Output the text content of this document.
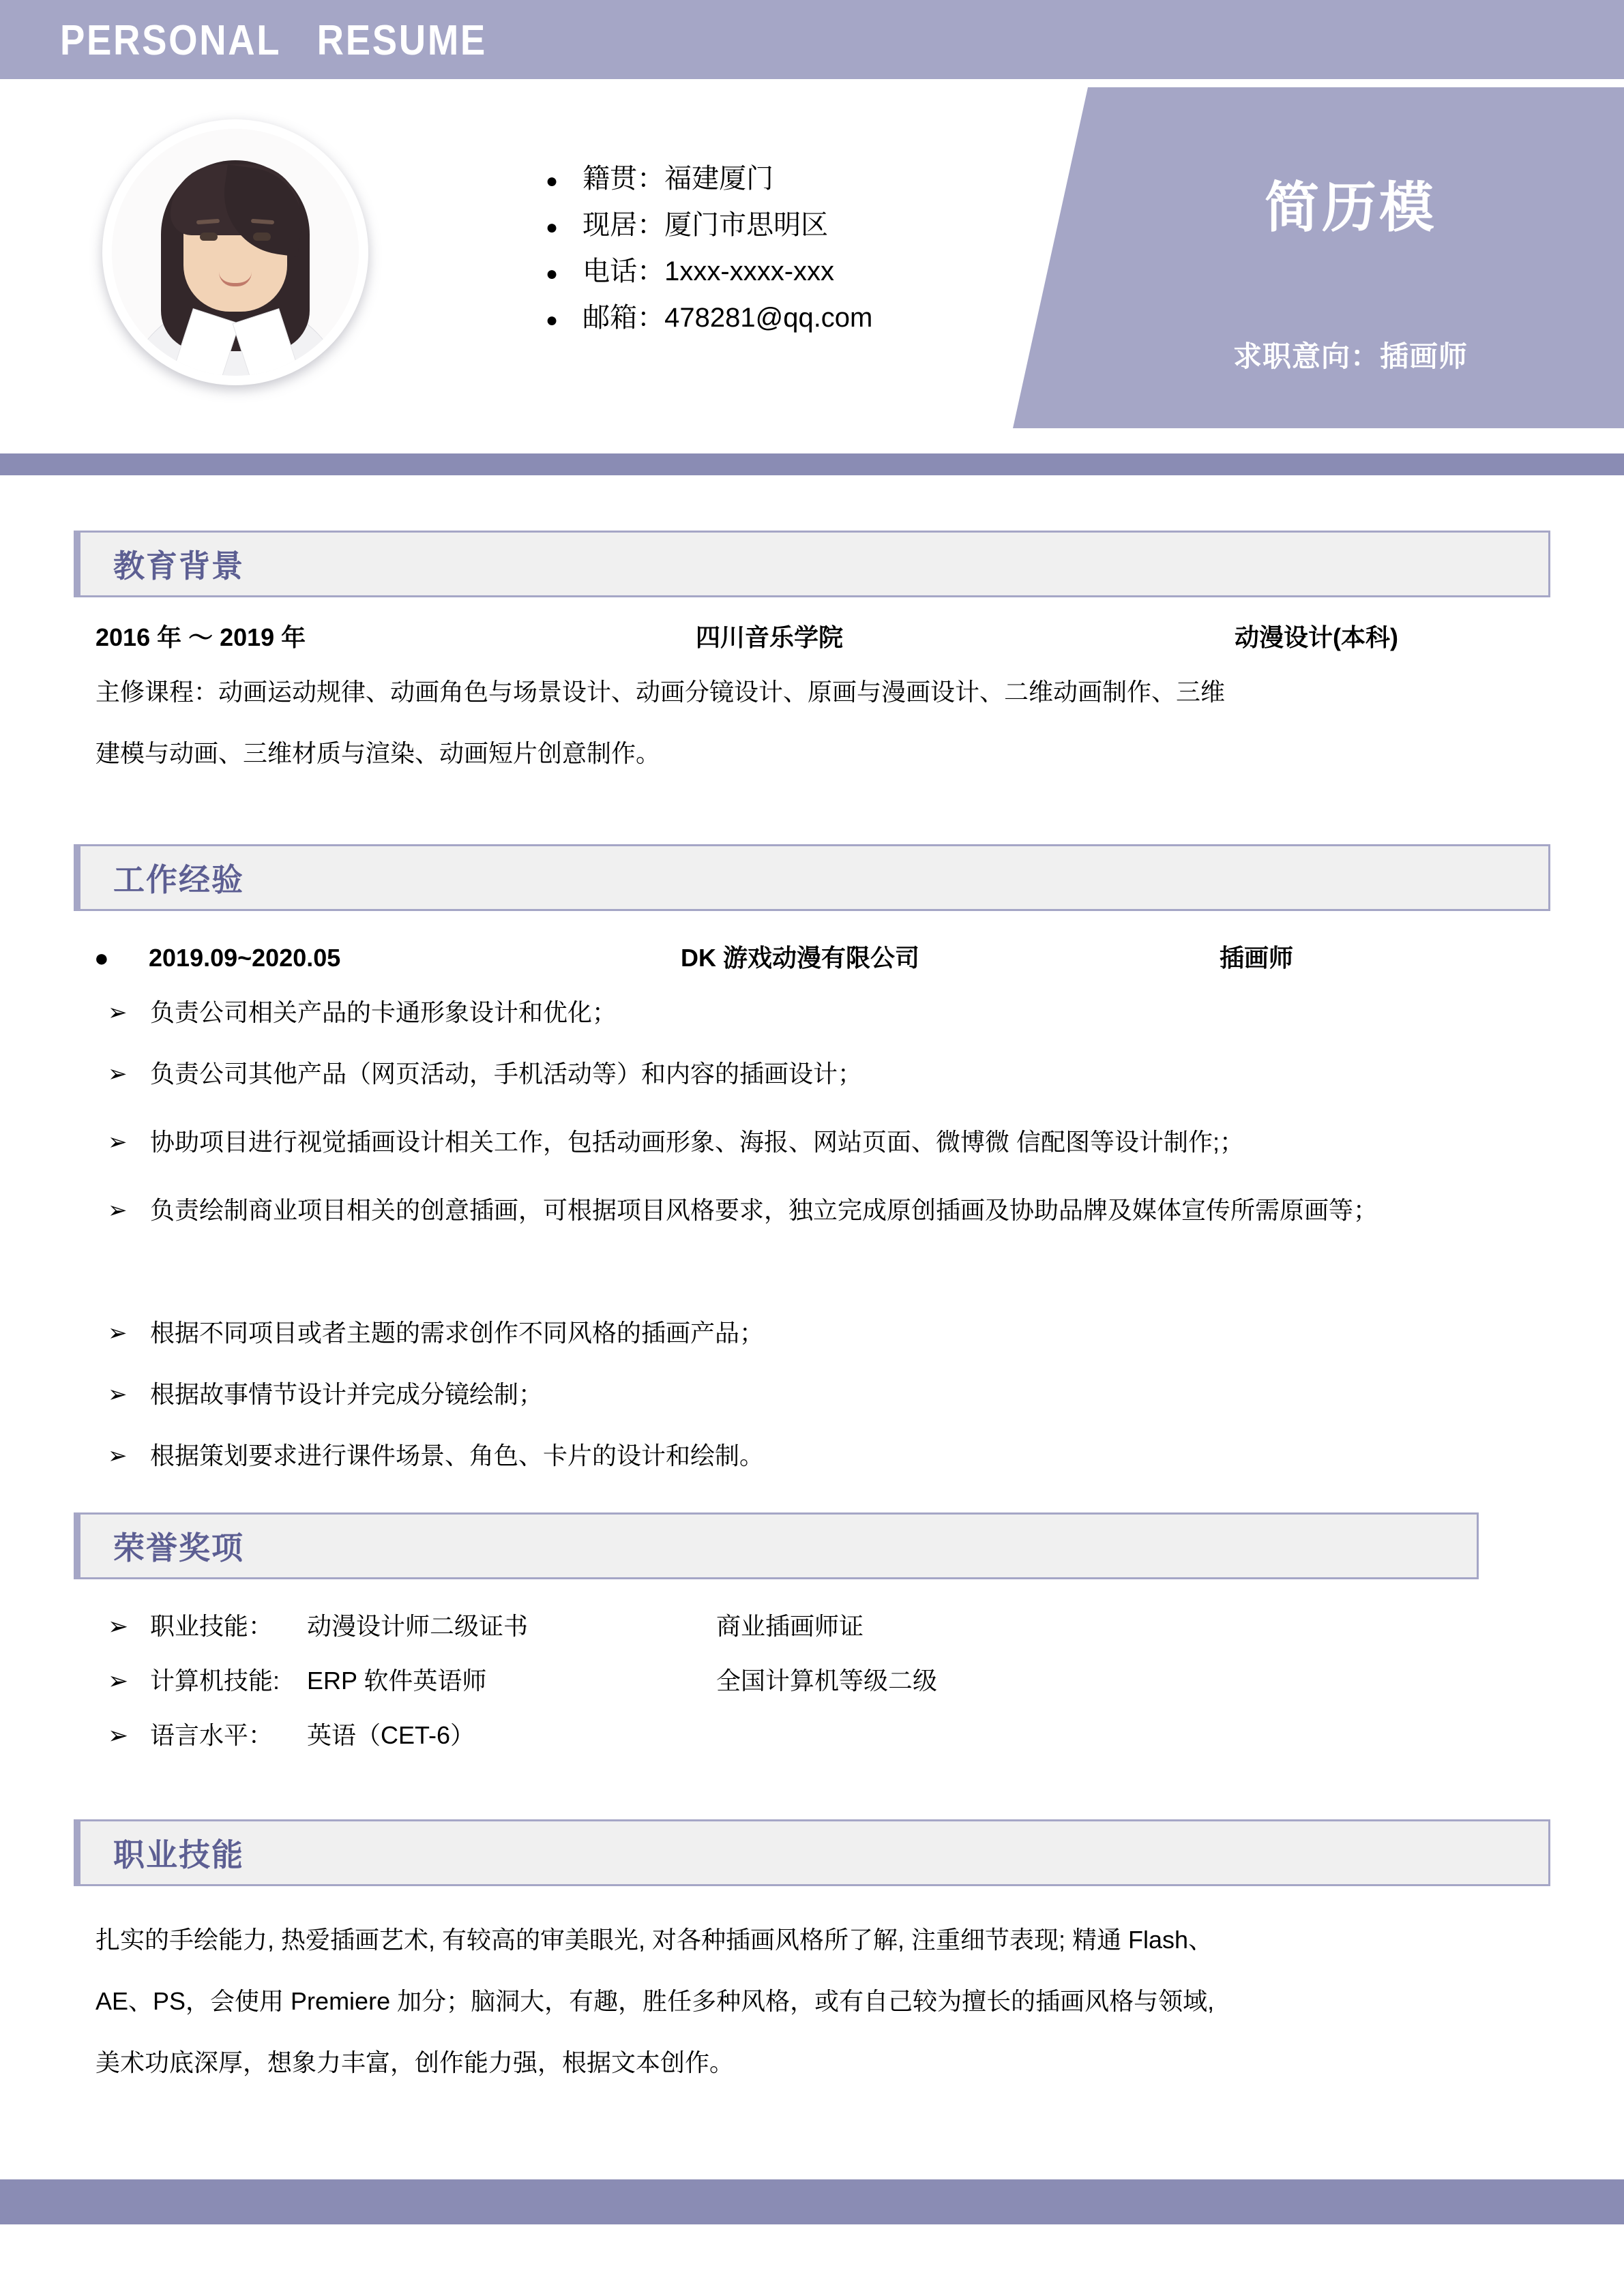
PERSONAL   RESUME
简历模
求职意向：插画师
● 籍贯：福建厦门
● 现居：厦门市思明区
● 电话：1xxx-xxxx-xxx
● 邮箱：478281@qq.com
教育背景
2016 年 ～ 2019 年	四川音乐学院	动漫设计(本科)
主修课程：动画运动规律、动画角色与场景设计、动画分镜设计、原画与漫画设计、二维动画制作、三维
建模与动画、三维材质与渲染、动画短片创意制作。
工作经验
● 2019.09~2020.05	DK 游戏动漫有限公司	插画师
➢ 负责公司相关产品的卡通形象设计和优化；
➢ 负责公司其他产品（网页活动，手机活动等）和内容的插画设计；
➢ 协助项目进行视觉插画设计相关工作，包括动画形象、海报、网站页面、微博微 信配图等设计制作;；
➢ 负责绘制商业项目相关的创意插画，可根据项目风格要求，独立完成原创插画及协助品牌及媒体宣传所需原画等；
➢ 根据不同项目或者主题的需求创作不同风格的插画产品；
➢ 根据故事情节设计并完成分镜绘制；
➢ 根据策划要求进行课件场景、角色、卡片的设计和绘制。
荣誉奖项
➢ 职业技能：	动漫设计师二级证书	商业插画师证
➢ 计算机技能:	ERP 软件英语师	全国计算机等级二级
➢ 语言水平：	英语（CET-6）
职业技能
扎实的手绘能力, 热爱插画艺术, 有较高的审美眼光, 对各种插画风格所了解, 注重细节表现; 精通 Flash、
AE、PS，会使用 Premiere 加分；脑洞大，有趣，胜任多种风格，或有自己较为擅长的插画风格与领域,
美术功底深厚，想象力丰富，创作能力强，根据文本创作。
